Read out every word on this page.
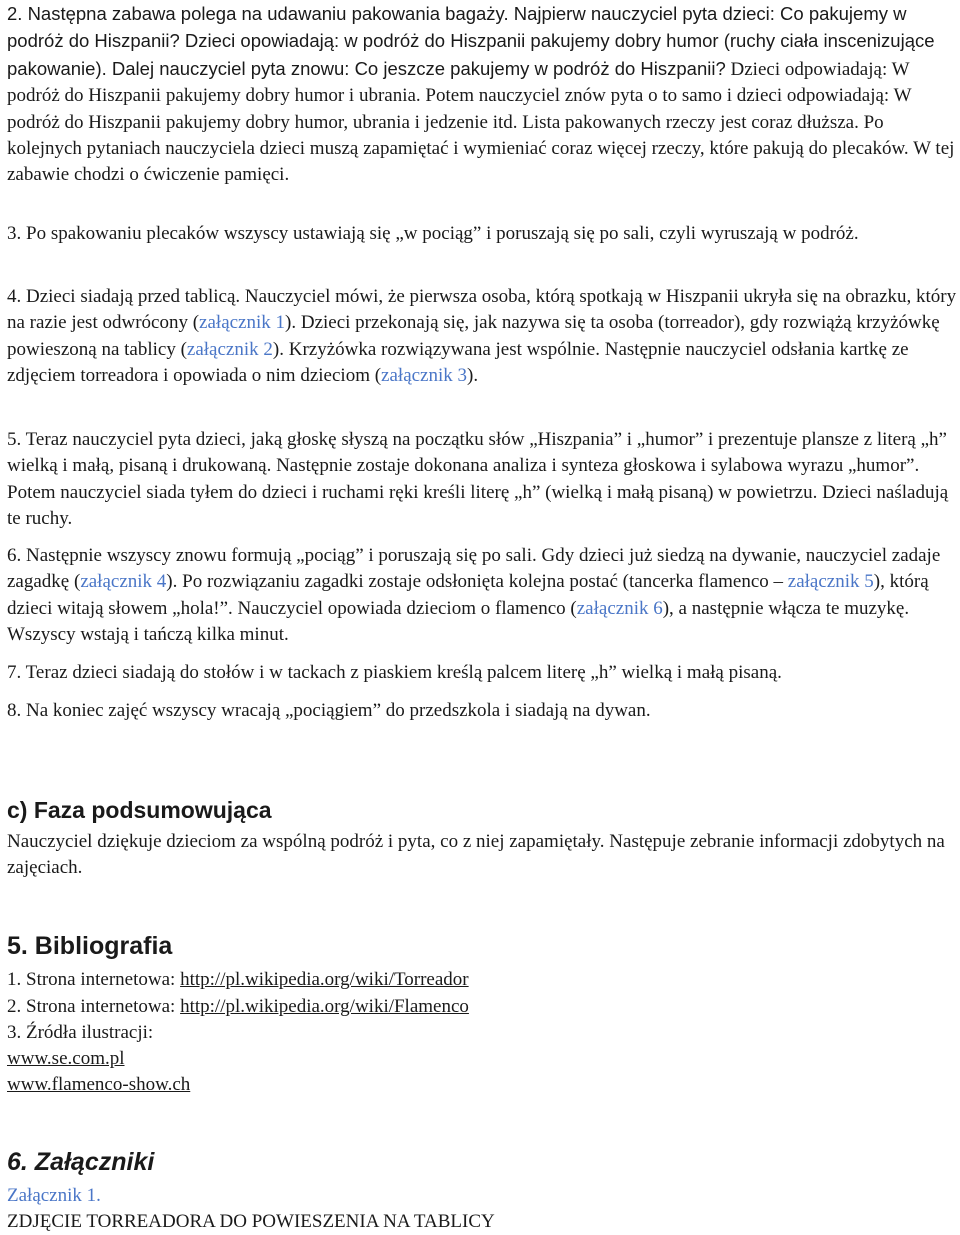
2. Następna zabawa polega na udawaniu pakowania bagaży. Najpierw nauczyciel pyta dzieci: Co pakujemy w podróż do Hiszpanii? Dzieci opowiadają: w podróż do Hiszpanii pakujemy dobry humor (ruchy ciała inscenizujące pakowanie). Dalej nauczyciel pyta znowu: Co jeszcze pakujemy w podróż do Hiszpanii? Dzieci odpowiadają: W podróż do Hiszpanii pakujemy dobry humor i ubrania. Potem nauczyciel znów pyta o to samo i dzieci odpowiadają: W podróż do Hiszpanii pakujemy dobry humor, ubrania i jedzenie itd. Lista pakowanych rzeczy jest coraz dłuższa. Po kolejnych pytaniach nauczyciela dzieci muszą zapamiętać i wymieniać coraz więcej rzeczy, które pakują do plecaków. W tej zabawie chodzi o ćwiczenie pamięci.

3. Po spakowaniu plecaków wszyscy ustawiają się „w pociąg” i poruszają się po sali, czyli wyruszają w podróż.

4. Dzieci siadają przed tablicą. Nauczyciel mówi, że pierwsza osoba, którą spotkają w Hiszpanii ukryła się na obrazku, który na razie jest odwrócony (załącznik 1). Dzieci przekonają się, jak nazywa się ta osoba (torreador), gdy rozwiążą krzyżówkę powieszoną na tablicy (załącznik 2). Krzyżówka rozwiązywana jest wspólnie. Następnie nauczyciel odsłania kartkę ze zdjęciem torreadora i opowiada o nim dzieciom (załącznik 3).

5. Teraz nauczyciel pyta dzieci, jaką głoskę słyszą na początku słów „Hiszpania” i „humor” i prezentuje plansze z literą „h” wielką i małą, pisaną i drukowaną. Następnie zostaje dokonana analiza i synteza głoskowa i sylabowa wyrazu „humor”. Potem nauczyciel siada tyłem do dzieci i ruchami ręki kreśli literę „h” (wielką i małą pisaną) w powietrzu. Dzieci naśladują te ruchy.

6. Następnie wszyscy znowu formują „pociąg” i poruszają się po sali. Gdy dzieci już siedzą na dywanie, nauczyciel zadaje zagadkę (załącznik 4). Po rozwiązaniu zagadki zostaje odsłonięta kolejna postać (tancerka flamenco – załącznik 5), którą dzieci witają słowem „hola!”. Nauczyciel opowiada dzieciom o flamenco (załącznik 6), a następnie włącza te muzykę. Wszyscy wstają i tańczą kilka minut.

7. Teraz dzieci siadają do stołów i w tackach z piaskiem kreślą palcem literę „h” wielką i małą pisaną.

8. Na koniec zajęć wszyscy wracają „pociągiem” do przedszkola i siadają na dywan.

c) Faza podsumowująca

Nauczyciel dziękuje dzieciom za wspólną podróż i pyta, co z niej zapamiętały. Następuje zebranie informacji zdobytych na zajęciach.

5. Bibliografia

1. Strona internetowa: http://pl.wikipedia.org/wiki/Torreador

2. Strona internetowa: http://pl.wikipedia.org/wiki/Flamenco

3. Źródła ilustracji:

www.se.com.pl

www.flamenco-show.ch

6. Załączniki

Załącznik 1.

ZDJĘCIE TORREADORA DO POWIESZENIA NA TABLICY
